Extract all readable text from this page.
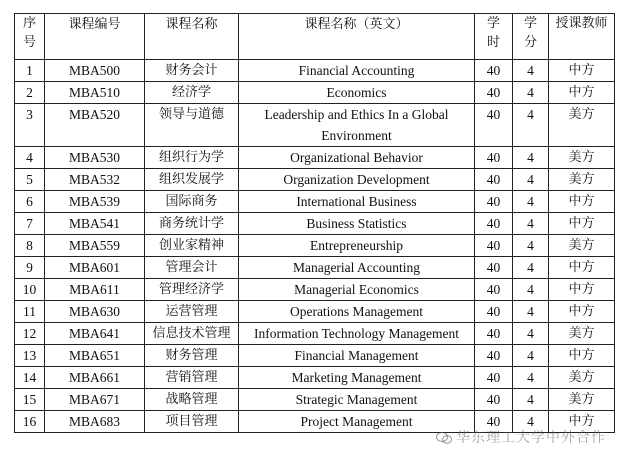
序号	课程编号	课程名称	课程名称（英文）	学时	学分	授课教师
1	MBA500	财务会计	Financial Accounting	40	4	中方
2	MBA510	经济学	Economics	40	4	中方
3	MBA520	领导与道德	Leadership and Ethics In a Global Environment	40	4	美方
4	MBA530	组织行为学	Organizational Behavior	40	4	美方
5	MBA532	组织发展学	Organization Development	40	4	美方
6	MBA539	国际商务	International Business	40	4	中方
7	MBA541	商务统计学	Business Statistics	40	4	中方
8	MBA559	创业家精神	Entrepreneurship	40	4	美方
9	MBA601	管理会计	Managerial Accounting	40	4	中方
10	MBA611	管理经济学	Managerial Economics	40	4	中方
11	MBA630	运营管理	Operations Management	40	4	中方
12	MBA641	信息技术管理	Information Technology Management	40	4	美方
13	MBA651	财务管理	Financial Management	40	4	中方
14	MBA661	营销管理	Marketing Management	40	4	美方
15	MBA671	战略管理	Strategic Management	40	4	美方
16	MBA683	项目管理	Project Management	40	4	中方
华东理工大学中外合作
